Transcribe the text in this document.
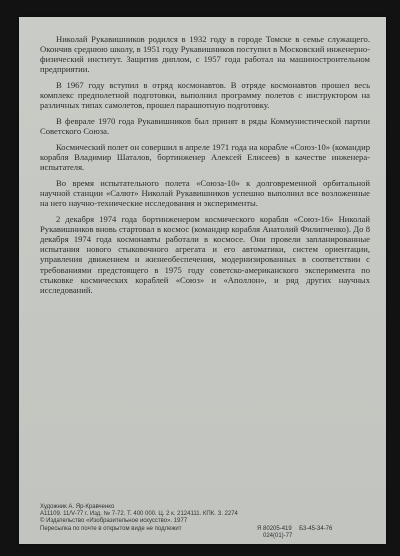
Николай Рукавишников родился в 1932 году в городе Томске в семье служащего. Окончив среднюю школу, в 1951 году Рукавишников поступил в Московский инженерно-физический институт. Защитив диплом, с 1957 года работал на машиностроительном предприятии.

В 1967 году вступил в отряд космонавтов. В отряде космонавтов прошел весь комплекс предполетной подготовки, выполнил программу полетов с инструктором на различных типах самолетов, прошел парашютную подготовку.

В феврале 1970 года Рукавишников был принят в ряды Коммунистической партии Советского Союза.

Космический полет он совершил в апреле 1971 года на корабле «Союз-10» (командир корабля Владимир Шаталов, бортинженер Алексей Елисеев) в качестве инженера-испытателя.

Во время испытательного полета «Союза-10» к долговременной орбитальной научной станции «Салют» Николай Рукавишников успешно выполнил все возложенные на него научно-технические исследования и эксперименты.

2 декабря 1974 года бортинженером космического корабля «Союз-16» Николай Рукавишников вновь стартовал в космос (командир корабля Анатолий Филипченко). До 8 декабря 1974 года космонавты работали в космосе. Они провели запланированные испытания нового стыковочного агрегата и его автоматики, систем ориентации, управления движением и жизнеобеспечения, модернизированных в соответствии с требованиями предстоящего в 1975 году советско-американского эксперимента по стыковке космических кораблей «Союз» и «Аполлон», и ряд других научных исследований.

Художник А. Яр-Кравченко
А11109. 11/V-77 г. Изд. № 7-72. Т. 400 000. Ц. 2 к. 2124111. КПК. З. 2274
© Издательство «Изобразительное искусство». 1977
Пересылка по почте в открытом виде не подлежит	Я 80205-419 Б3-45-34-76
024(01)-77
